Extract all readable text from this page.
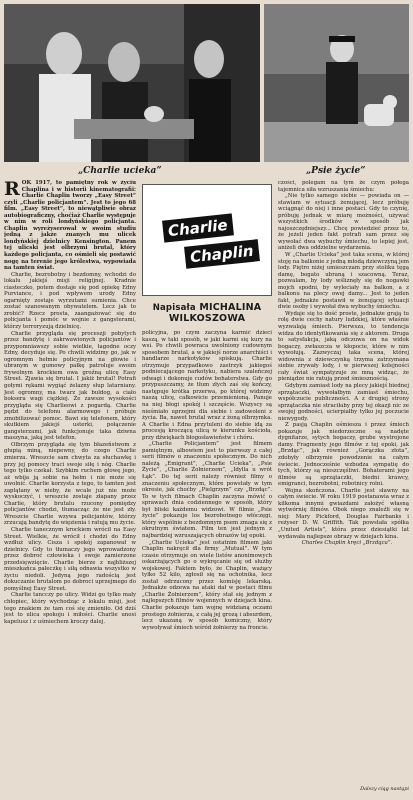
„Charlie ucieka”	„Psie życie”

ROK 1917, to pamiętny rok w życiu Chaplina i w historii kinematografii: Charlie Chaplin tworzy „Easy Street” czyli „Charlie policjantem”. Jest to jego 68 film. „Easy Street”, to niewątpliwie obraz autobiograficzny, choćiaż Charlie występuje w nim w roli londyńskiego policjanta. Chaplin wyreżyserował w swoim studiu jedną z jakże znanych mu ulicek londyńskiej dzielnicy Kensington. Panem tej ulicski jest olbrzymi brutal, który każdego policjanta, co ośmieli się postawić nogę na terenie jego królestwa, wypowiada na tamten świat.

Charlie, bezrobotny i bezdomny, wchodzi do lokalu jakiejś misji religijnej. Kradnie ciasteczko, potem dostaje się pod opiekę Edny Purviance, i pod wpływem urody Edny ogarnięty zostaje wyrzutami sumienia. Chce zostać szanowanym obywatelem. Lecz jak to zrobić? Rzecz prosta, zaangażować się do policjanta i pomóc w wojnie z gangsterami, którzy terroryzują dzielnicę.

Charlie przygląda się proceszji pobytych przez bandytę i zakrwawionych policjantów i przypomniawszy sobie wielkie, łagodne oczy Edny, decyduje się. Po chwili widzimy go, jak w ogromnym hełmie policyjnym na głowie i ubranym w gumowy pałkę patroluje swoim frywolnym krockiem owa groźną ulicę Easy Street. Zjawia się brutal. I jakiż brutal! Potrafi gołymi rękami wygiąć żelazny słup latarniany. Jest ogromny, ma twarz jak buldog, a ciało boksera wagi ciężkiej. Że zawsze wysokości przygląda się Charlieowi z pogardą. Charlie pędzi do telefonu alarmowego i próbuje zmobilizować pomoc. Bawi się telefonem, który skutkiem jakiejś usterki, połączenie gangsterzami, jak funkcjonuje taka dziwna maszyna, jaką jest telefon.

Olbrzym przygląda się tym błazeństwom z głupią miną, niepewny, do czego Charlie zmierza. Wreszcie sam chwyta za słuchawkę i przy jej pomocy traci swoje siłę i nóg. Charlie tego tylko czekał. Szybkim ruchem głowę jego, aż wbija ją sobie na hełm i nie może się uwolnić. Charlie korzysta z tego, to tamten jest zaplątany w nieby, że wcale już nie może wyskoczyć, i wreszcie zostaje złapany przez Charlie, który brutalu rzucony pomiędzy policjantów chodzi, tłumacząc że nie jest zły. Wreszcie Charlie wzywa policjantów, którzy zrzucają bandytę do więzienia i ratują mu życie.

Charlie tanecznym krockiem wrócił na Easy Street. Wielkie, że wrócił i chodzi do Edny wzdłuż ulicy. Cisza i spokój zapanował w dzielnicy. Gdy to tłumaczy jego wprowadzony przez dobroć człowieka i swoje zamierzone przedsięwzięcie. Charlie bierze z najbliższej mieszkańca pałeczkę i siłą odnawia wszystko w życiu niedoli. Jedyną jego radością jest dokuczanie brutalom po dobroci uprzejmego do pomyślnej Easy Street.

Charlie tancczy po ulicy. Widzi go tylko mały chłopiec, który wychodząc z lokalu misji, jest tego znakiem że tam coś się zmieniło. Od dziś jest to ulica spokoju i miłości. Charlie unosi kapelusz i z uśmiechem kroczy dalej.

Charlie
Chaplin
Napisała MICHALINA WILKOSZOWA

policyjna, po czym zaczyna karmić dzieci kaszą, w taki sposób, w jaki karmi się kury na wsi. Po chwili powraca uwolniony cudownym sposobem brutal, a w jakiejś norze anarchiści i handlarze narkotyków spiskują. Charlie otrzymuje przypadkowo zastrzyk jakiegoś podniecającego narkotyku, nabiera szaleńczej odwagi i dokonuje cudów bohaterstwa. Gdy go przypuszczamy, że tłum złych zaś się kończy, następuje krótka przerwa, po której widzimy naszą ulicę, całkowicie przemienioną. Panuje na niej błogi spokój i szczęście. Wszyscy są nieśmiało uprzejmi dla siebie i zadowoleni z życia. Ba, nawet brutal wraz z żoną olbrzymka. A Charlie i Edna przytuleni do siebie idą za procesją kroczącą ulicą w kierunku kościoła, przy dźwiękach błogosławieństw i chóru.

„Charlie Policjantem” jest filmem pamiętnym, albowiem jest to pierwszy z całej serii filmów o znaczeniu społecznym. Do nich należą „Emigrant”, „Charlie Ucieka”, „Psie Życie”, „Charlie Żołnierzem”, „Idylla u wrót Łąk”. Do tej serii należy również filmy o znaczeniu społecznym, które powstały w tym okresie, jak choćby „Pielgrzym” czy „Brzdąc”. To w tych filmach Chaplin zaczyna mówić o sprawach dnia codziennego w sposób, który był bliski każdemu widzowi. W filmie „Psie życie” pokazuje los bezrobotnego włóczęgi, który wspólnie z bezdomnym psem zmaga się z okrutnym światem. Film ten jest jednym z najbardziej wzruszających obrazów tej epoki.

„Charlie Ucieka” jest ostatnim filmem jaki Chaplin nakręcił dla firmy „Mutual”. W tym czasie otrzymuje on wiele listów anonimowych oskarżających go o wykręcanie się od służby wojskowej. Faktem było, że Chaplin, ważący tylko 52 kilo, zgłosił się na ochotnika, lecz został odrzucony przez komisję lekarską. Jednakże odzewa na ataki dał w postaci filmu „Charlie Żołnierzem”, który stał się jednym z najlepszych filmów wojennych w dziejach kina. Charlie pokazuje tam wojnę widzianą oczami prostego żołnierza, z całą jej grozą i absurdem, lecz ukazaną w sposób komiczny, który wywoływał śmiech wśród żołnierzy na froncie.

czości, polegam na tym że czym połega tajemnica siła wzruszania śmiechu:

„Nie tylko samego siebie — powiada on — stawiam w sytuacji żenującej, lecz próbuję wciągnąć do niej i inne postaci. Gdy to czynię, próbuję jednak w miarę możności, używać wszystkich środków w sposób jak najoszczędniejszy... Chcę powiedzieć przez to, że jeżeli jeden fakt potrafi sam przez się wywołać dwa wybuchy śmiechu, to lepiej jest, aniżeli dwa oddzielne wydarzenia.

W „Charlie Ucieka” jest taka scena, w której stoję na balkonie z jedną młodą dziewczyną jem lody. Piętro niżej umieszczam przy stoliku tęgą damę, bogato ubraną i szacowną. Teraz, pozwalam, by lody wśliznęły się do nogawki mojch spodni, by wyleciały na balkon, a z balkonu na plecy owej damy... Jest to jeden fakt, jednakże postawił w żenującej sytuacji dwie osoby i wywołał dwa wybuchy śmiechu.

Wydaje się to dość proste, jednakże grają tu rolę dwie cechy natury ludzkiej, które właśnie wyzwalają śmiech. Pierwsza, to tendencja widza do identyfikowania się z aktorem. Druga to satysfakcja, jaką odczuwa on na widok bogaczy, zwłaszcza w kłopocie, które w nim wywołują. Zazwyczaj taka scena, której widownia z dziewczynką trzyma zatrzymana siebie zrywały lody, i w pierwszej kolejności cały świat sympatyzuje ze mną widząc, że pieniądze nie ratują przed śmiesznością.

Gdybym zamiast lody na plecy jakiejś biednej sprzątaczki, wywołałbym zamiast śmiechu, współczucie publiczności. A z drugiej strony sprzątaczka nie straciłaby przy tej okazji nic ze swojej godności, ucierpiałby tylko jej poczucie niewygody.

Z pasją Chaplin ośmiesza i przez śmiech pokazuje jak niedorzeczne są nadęte dygnitarze, sytych bogaczy, grube wystrojone damy. Fragmenty jego filmów z tej epoki, jak „Brzdąc”, jak również „Gorączka złota”, zdobyły olbrzymie powodzenie na całym świecie. Jednocześnie wzbudza sympatię do tych, którzy są nieszczęśliwi. Bohaterami jego filmów są sprzątaczki, biedni krawcy, emigranci, bezrobotni, robotnicy rolni.

Wojna skończona. Charlie jest sławny na całym świecie. W roku 1919 postanawia wraz z kilkoma innymi gwiazdami założyć własną wytwórnię filmów. Obok niego znaleźli się w niej: Mary Pickford, Douglas Fairbanks i reżyser D. W. Griffith. Tak powstała spółka „United Artists”, która przez dziesiątki lat wydawała najlepsze obrazy w dziejach kina.

Charles Chaplin kręci „Brzdąca”.

Dalszy ciąg nastąpi
